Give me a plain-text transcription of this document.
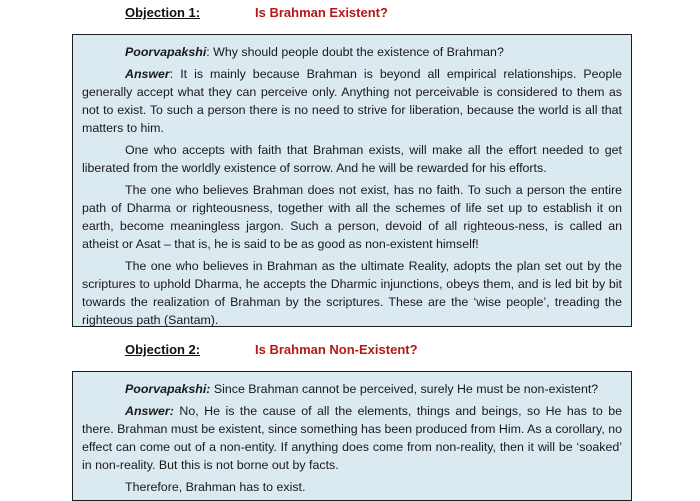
Objection 1:	Is Brahman Existent?

Poorvapakshi: Why should people doubt the existence of Brahman?

Answer: It is mainly because Brahman is beyond all empirical relationships. People generally accept what they can perceive only. Anything not perceivable is considered to them as not to exist. To such a person there is no need to strive for liberation, because the world is all that matters to him.

One who accepts with faith that Brahman exists, will make all the effort needed to get liberated from the worldly existence of sorrow. And he will be rewarded for his efforts.

The one who believes Brahman does not exist, has no faith. To such a person the entire path of Dharma or righteousness, together with all the schemes of life set up to establish it on earth, become meaningless jargon. Such a person, devoid of all righteous-ness, is called an atheist or Asat – that is, he is said to be as good as non-existent himself!

The one who believes in Brahman as the ultimate Reality, adopts the plan set out by the scriptures to uphold Dharma, he accepts the Dharmic injunctions, obeys them, and is led bit by bit towards the realization of Brahman by the scriptures. These are the ‘wise people’, treading the righteous path (Santam).

Objection 2:	Is Brahman Non-Existent?

Poorvapakshi: Since Brahman cannot be perceived, surely He must be non-existent?

Answer: No, He is the cause of all the elements, things and beings, so He has to be there. Brahman must be existent, since something has been produced from Him. As a corollary, no effect can come out of a non-entity. If anything does come from non-reality, then it will be ‘soaked’ in non-reality. But this is not borne out by facts.

Therefore, Brahman has to exist.
